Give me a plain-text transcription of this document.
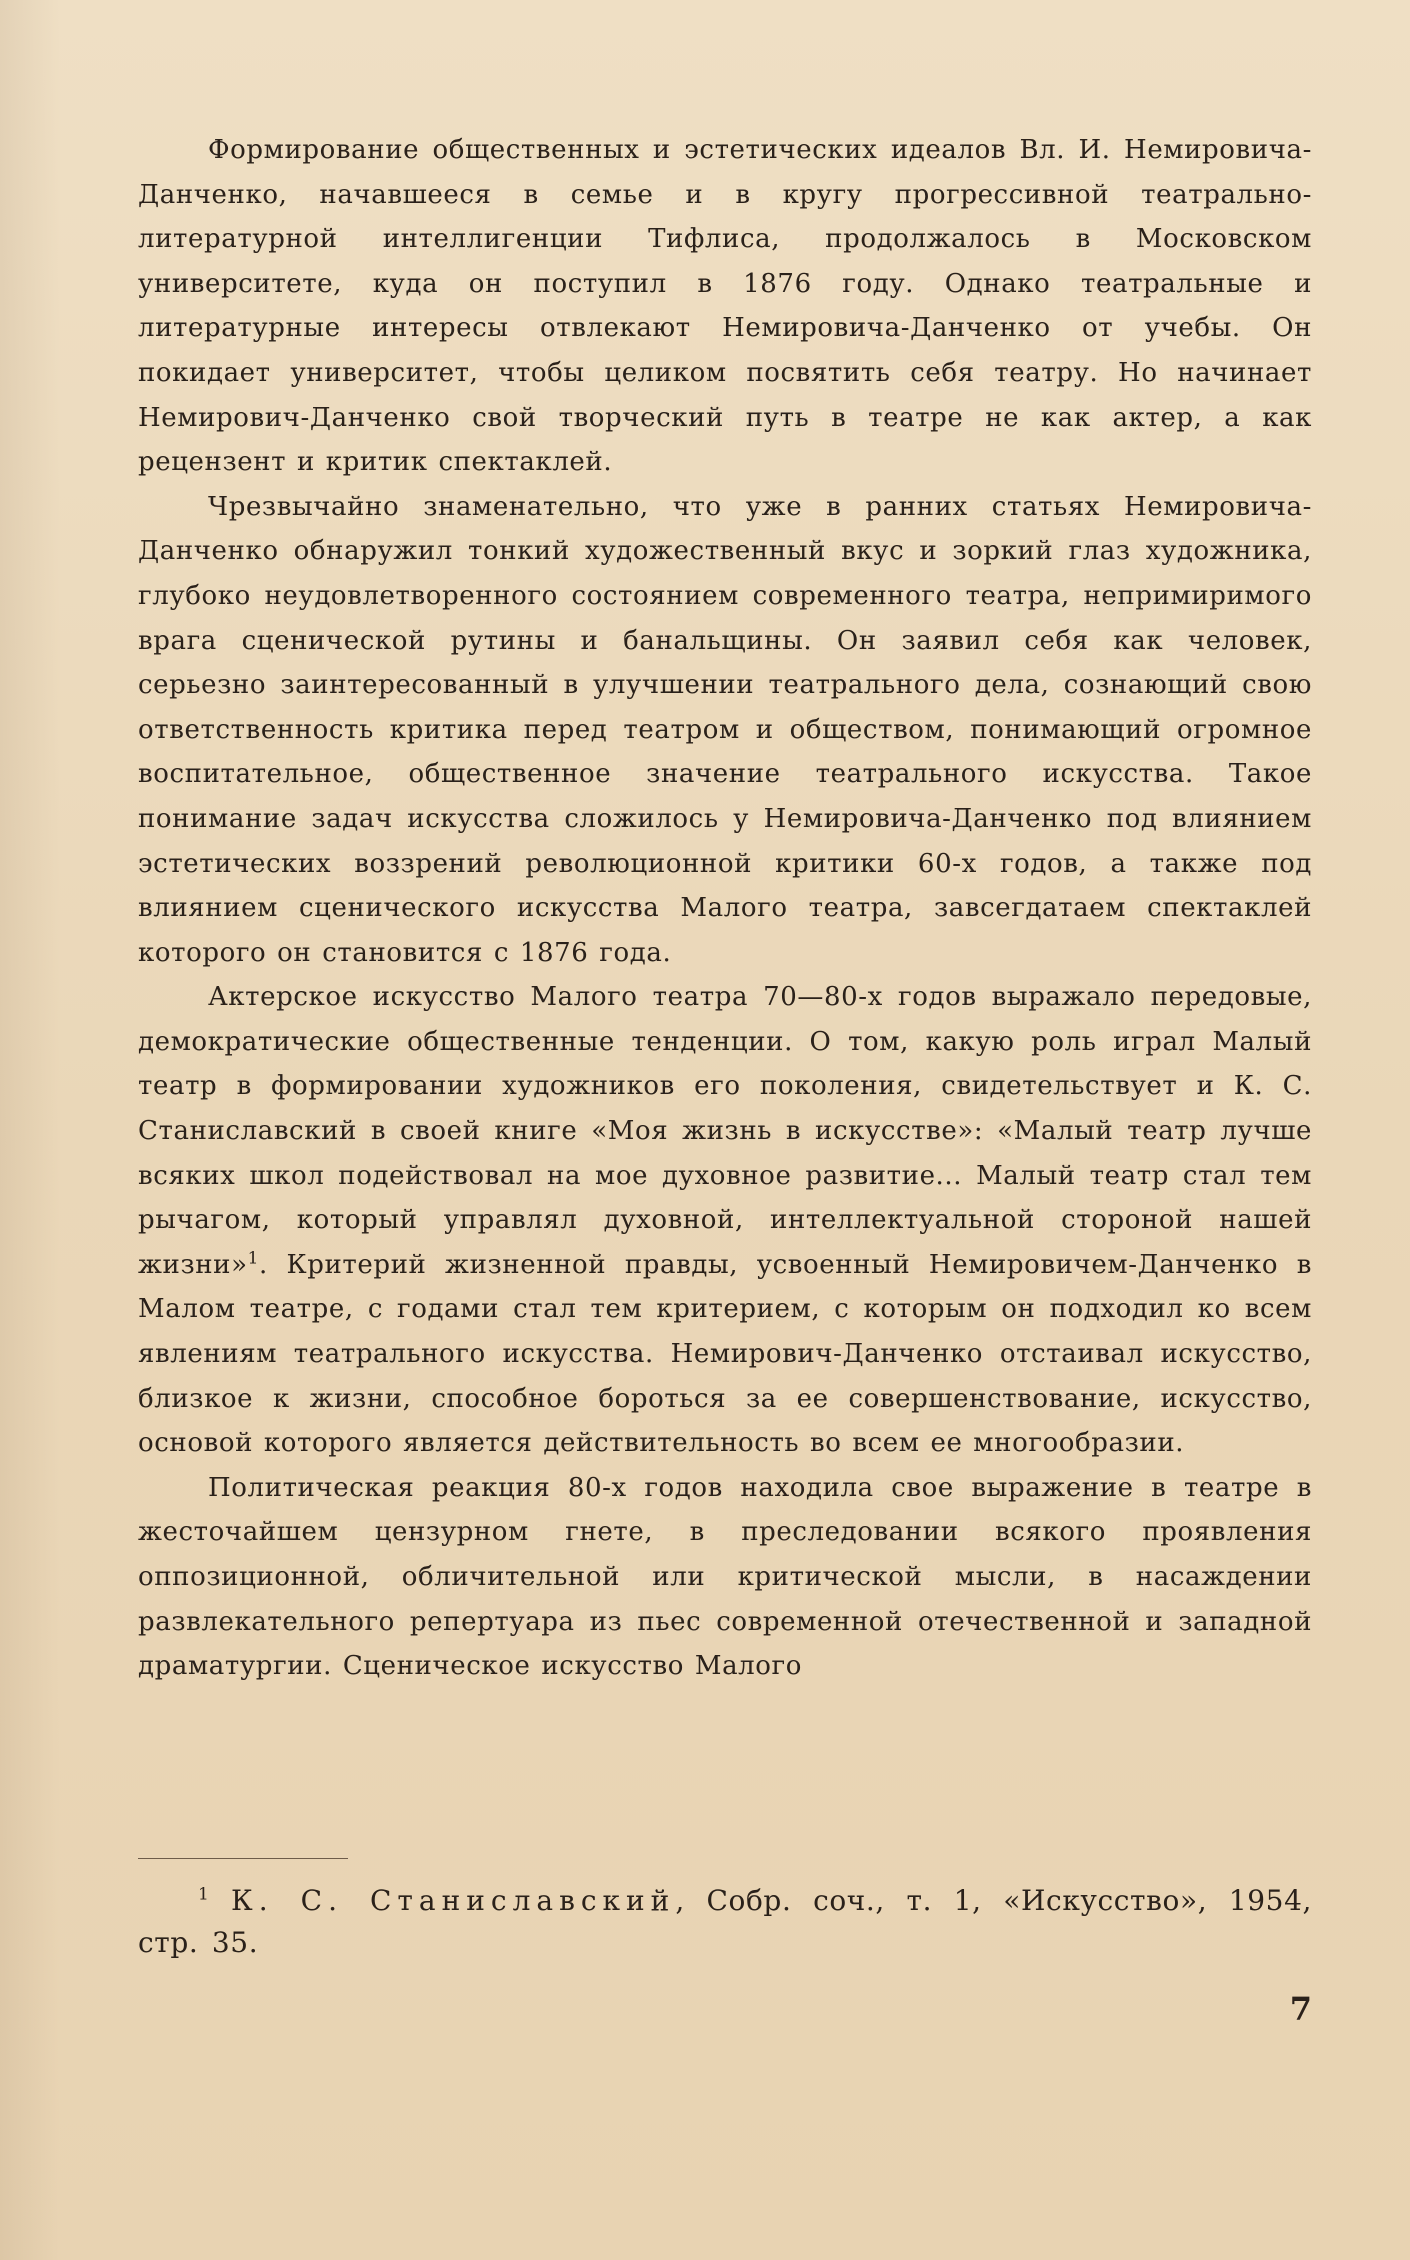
Формирование общественных и эстетических идеалов Вл. И. Немировича-Данченко, начавшееся в семье и в кругу прогрессивной театрально-литературной интеллигенции Тифлиса, продолжалось в Московском университете, куда он поступил в 1876 году. Однако театральные и литературные интересы отвлекают Немировича-Данченко от учебы. Он покидает университет, чтобы целиком посвятить себя театру. Но начинает Немирович-Данченко свой творческий путь в театре не как актер, а как рецензент и критик спектаклей.

Чрезвычайно знаменательно, что уже в ранних статьях Немировича-Данченко обнаружил тонкий художественный вкус и зоркий глаз художника, глубоко неудовлетворенного состоянием современного театра, непримиримого врага сценической рутины и банальщины. Он заявил себя как человек, серьезно заинтересованный в улучшении театрального дела, сознающий свою ответственность критика перед театром и обществом, понимающий огромное воспитательное, общественное значение театрального искусства. Такое понимание задач искусства сложилось у Немировича-Данченко под влиянием эстетических воззрений революционной критики 60-х годов, а также под влиянием сценического искусства Малого театра, завсегдатаем спектаклей которого он становится с 1876 года.

Актерское искусство Малого театра 70—80-х годов выражало передовые, демократические общественные тенденции. О том, какую роль играл Малый театр в формировании художников его поколения, свидетельствует и К. С. Станиславский в своей книге «Моя жизнь в искусстве»: «Малый театр лучше всяких школ подействовал на мое духовное развитие... Малый театр стал тем рычагом, который управлял духовной, интеллектуальной стороной нашей жизни»$^1$. Критерий жизненной правды, усвоенный Немировичем-Данченко в Малом театре, с годами стал тем критерием, с которым он подходил ко всем явлениям театрального искусства. Немирович-Данченко отстаивал искусство, близкое к жизни, способное бороться за ее совершенствование, искусство, основой которого является действительность во всем ее многообразии.

Политическая реакция 80-х годов находила свое выражение в театре в жесточайшем цензурном гнете, в преследовании всякого проявления оппозиционной, обличительной или критической мысли, в насаждении развлекательного репертуара из пьес современной отечественной и западной драматургии. Сценическое искусство Малого

$^1$ К. С. Станиславский, Собр. соч., т. 1, «Искусство», 1954, стр. 35.

7
